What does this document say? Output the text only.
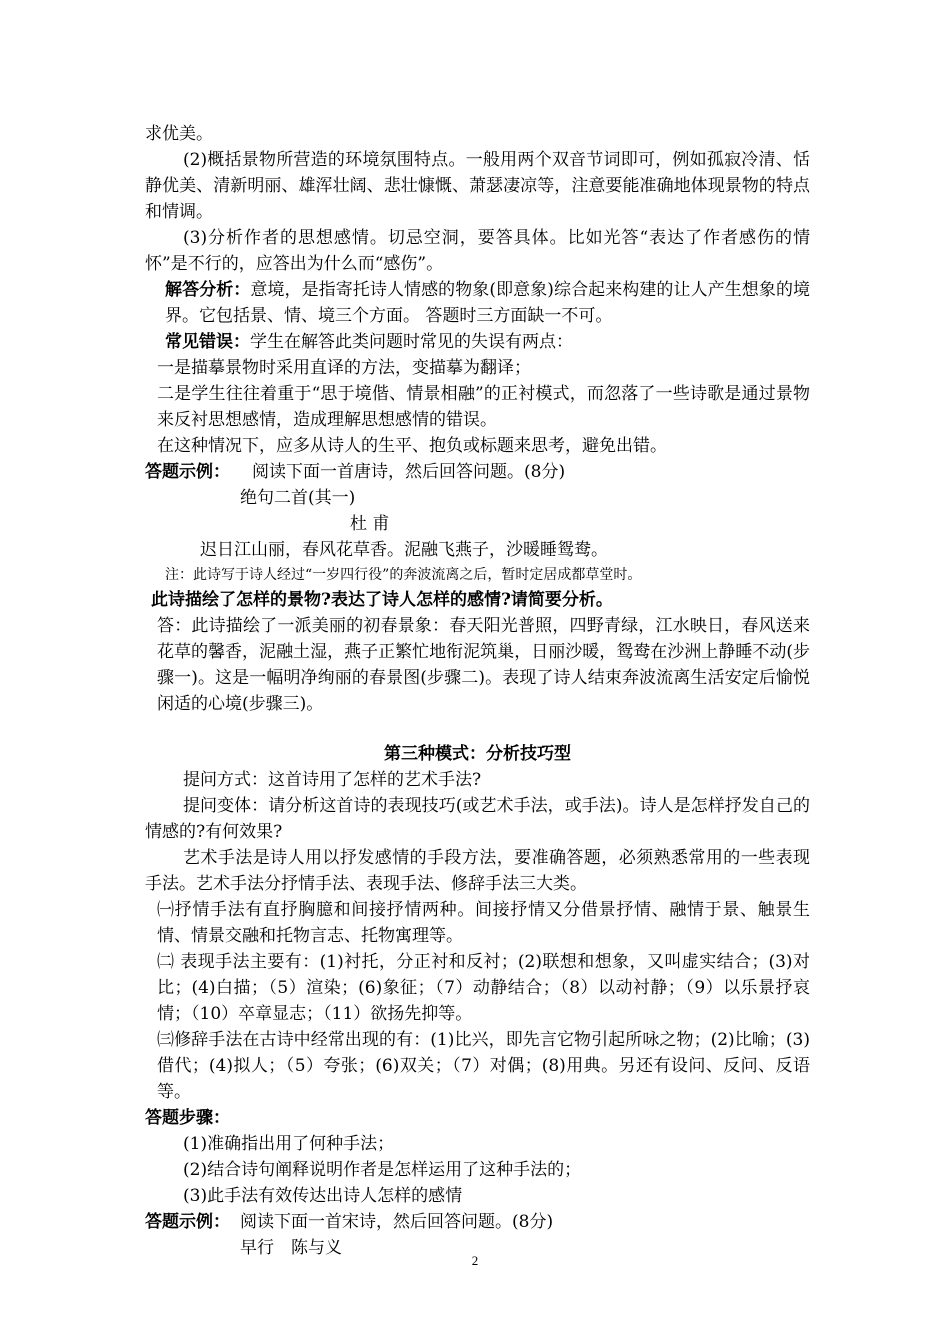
求优美。

(2)概括景物所营造的环境氛围特点。一般用两个双音节词即可，例如孤寂冷清、恬静优美、清新明丽、雄浑壮阔、悲壮慷慨、萧瑟凄凉等，注意要能准确地体现景物的特点和情调。

(3)分析作者的思想感情。切忌空洞，要答具体。比如光答“表达了作者感伤的情怀”是不行的，应答出为什么而“感伤”。

解答分析：意境，是指寄托诗人情感的物象(即意象)综合起来构建的让人产生想象的境界。它包括景、情、境三个方面。 答题时三方面缺一不可。

常见错误：学生在解答此类问题时常见的失误有两点：

一是描摹景物时采用直译的方法，变描摹为翻译；

二是学生往往着重于“思于境偕、情景相融”的正衬模式，而忽落了一些诗歌是通过景物来反衬思想感情，造成理解思想感情的错误。

在这种情况下，应多从诗人的生平、抱负或标题来思考，避免出错。

答题示例： 阅读下面一首唐诗，然后回答问题。(8分)

绝句二首(其一)

杜 甫

迟日江山丽，春风花草香。泥融飞燕子，沙暖睡鸳鸯。

注：此诗写于诗人经过“一岁四行役”的奔波流离之后，暂时定居成都草堂时。

此诗描绘了怎样的景物?表达了诗人怎样的感情?请简要分析。

答：此诗描绘了一派美丽的初春景象：春天阳光普照，四野青绿，江水映日，春风送来花草的馨香，泥融土湿，燕子正繁忙地衔泥筑巢，日丽沙暖，鸳鸯在沙洲上静睡不动(步骤一)。这是一幅明净绚丽的春景图(步骤二)。表现了诗人结束奔波流离生活安定后愉悦闲适的心境(步骤三)。

第三种模式：分析技巧型

提问方式：这首诗用了怎样的艺术手法?

提问变体：请分析这首诗的表现技巧(或艺术手法，或手法)。诗人是怎样抒发自己的情感的?有何效果?

艺术手法是诗人用以抒发感情的手段方法，要准确答题，必须熟悉常用的一些表现手法。艺术手法分抒情手法、表现手法、修辞手法三大类。

㈠抒情手法有直抒胸臆和间接抒情两种。间接抒情又分借景抒情、融情于景、触景生情、情景交融和托物言志、托物寓理等。

㈡ 表现手法主要有：(1)衬托，分正衬和反衬；(2)联想和想象，又叫虚实结合；(3)对比；(4)白描；（5）渲染；(6)象征；（7）动静结合；（8）以动衬静；（9）以乐景抒哀情；（10）卒章显志；（11）欲扬先抑等。

㈢修辞手法在古诗中经常出现的有：(1)比兴，即先言它物引起所咏之物；(2)比喻；(3)借代；(4)拟人；（5）夸张；(6)双关；（7）对偶；(8)用典。另还有设问、反问、反语等。

答题步骤：

(1)准确指出用了何种手法；

(2)结合诗句阐释说明作者是怎样运用了这种手法的；

(3)此手法有效传达出诗人怎样的感情

答题示例： 阅读下面一首宋诗，然后回答问题。(8分)

早行　陈与义

2
